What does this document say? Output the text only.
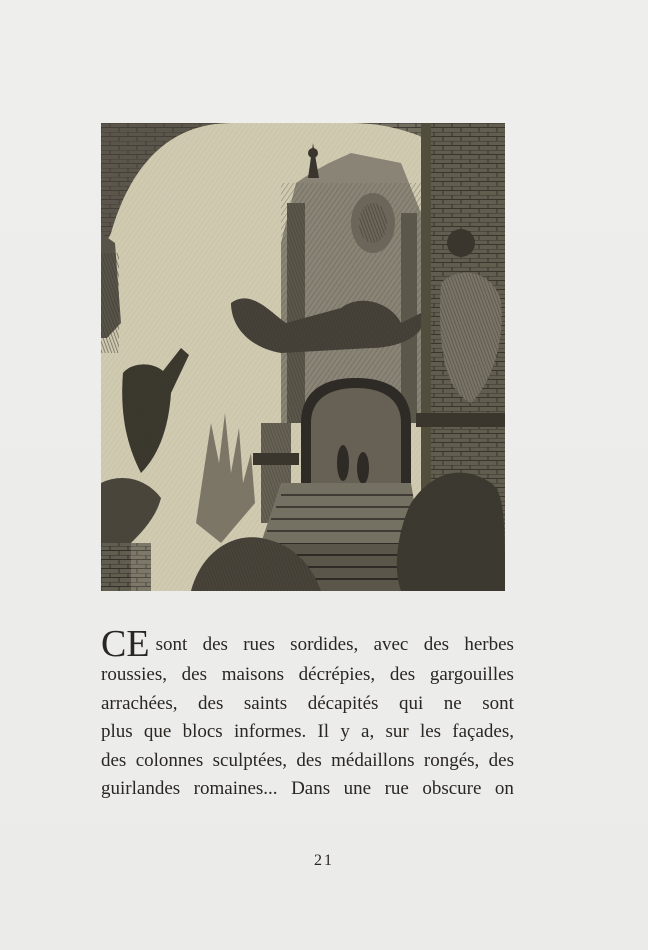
CE sont des rues sordides, avec des herbes
roussies, des maisons décrépies, des gargouilles
arrachées, des saints décapités qui ne sont
plus que blocs informes. Il y a, sur les façades,
des colonnes sculptées, des médaillons rongés, des
guirlandes romaines... Dans une rue obscure on
21
